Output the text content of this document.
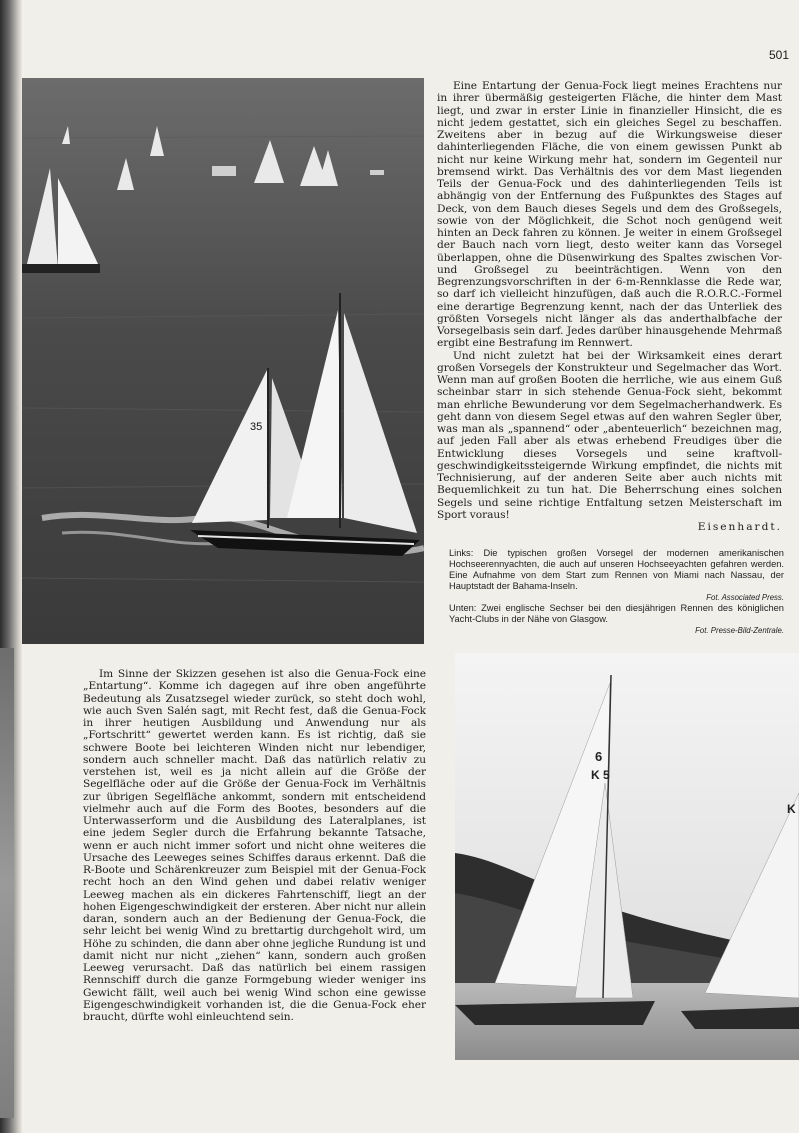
501
35

Eine Entartung der Genua-Fock liegt meines Erachtens nur in ihrer übermäßig gesteigerten Fläche, die hinter dem Mast liegt, und zwar in erster Linie in finanzieller Hinsicht, die es nicht jedem gestattet, sich ein gleiches Segel zu beschaffen. Zweitens aber in bezug auf die Wirkungsweise dieser dahinterliegenden Fläche, die von einem gewissen Punkt ab nicht nur keine Wirkung mehr hat, sondern im Gegenteil nur bremsend wirkt. Das Verhältnis des vor dem Mast liegenden Teils der Genua-Fock und des dahinterliegenden Teils ist abhängig von der Entfernung des Fußpunktes des Stages auf Deck, von dem Bauch dieses Segels und dem des Großsegels, sowie von der Möglichkeit, die Schot noch genügend weit hinten an Deck fahren zu können. Je weiter in einem Großsegel der Bauch nach vorn liegt, desto weiter kann das Vorsegel überlappen, ohne die Düsenwirkung des Spaltes zwischen Vor- und Großsegel zu beeinträchtigen. Wenn von den Begrenzungsvorschriften in der 6-m-Rennklasse die Rede war, so darf ich vielleicht hinzufügen, daß auch die R.O.R.C.-Formel eine derartige Begrenzung kennt, nach der das Unterliek des größten Vorsegels nicht länger als das anderthalbfache der Vorsegelbasis sein darf. Jedes darüber hinausgehende Mehrmaß ergibt eine Bestrafung im Rennwert.

Und nicht zuletzt hat bei der Wirksamkeit eines derart großen Vorsegels der Konstrukteur und Segelmacher das Wort. Wenn man auf großen Booten die herrliche, wie aus einem Guß scheinbar starr in sich stehende Genua-Fock sieht, bekommt man ehrliche Bewunderung vor dem Segelmacherhandwerk. Es geht dann von diesem Segel etwas auf den wahren Segler über, was man als „spannend“ oder „abenteuerlich“ bezeichnen mag, auf jeden Fall aber als etwas erhebend Freudiges über die Entwicklung dieses Vorsegels und seine kraftvoll-geschwindigkeitssteigernde Wirkung empfindet, die nichts mit Technisierung, auf der anderen Seite aber auch nichts mit Bequemlichkeit zu tun hat. Die Beherrschung eines solchen Segels und seine richtige Entfaltung setzen Meisterschaft im Sport voraus!

Eisenhardt.
Links: Die typischen großen Vorsegel der modernen amerikanischen Hochseerennyachten, die auch auf unseren Hochseeyachten gefahren werden. Eine Aufnahme von dem Start zum Rennen von Miami nach Nassau, der Hauptstadt der Bahama-Inseln.
Fot. Associated Press.
Unten: Zwei englische Sechser bei den diesjährigen Rennen des königlichen Yacht-Clubs in der Nähe von Glasgow.
Fot. Presse-Bild-Zentrale.

Im Sinne der Skizzen gesehen ist also die Genua-Fock eine „Entartung“. Komme ich dagegen auf ihre oben angeführte Bedeutung als Zusatzsegel wieder zurück, so steht doch wohl, wie auch Sven Salén sagt, mit Recht fest, daß die Genua-Fock in ihrer heutigen Ausbildung und Anwendung nur als „Fortschritt“ gewertet werden kann. Es ist richtig, daß sie schwere Boote bei leichteren Winden nicht nur lebendiger, sondern auch schneller macht. Daß das natürlich relativ zu verstehen ist, weil es ja nicht allein auf die Größe der Segelfläche oder auf die Größe der Genua-Fock im Verhältnis zur übrigen Segelfläche ankommt, sondern mit entscheidend vielmehr auch auf die Form des Bootes, besonders auf die Unterwasserform und die Ausbildung des Lateralplanes, ist eine jedem Segler durch die Erfahrung bekannte Tatsache, wenn er auch nicht immer sofort und nicht ohne weiteres die Ursache des Leeweges seines Schiffes daraus erkennt. Daß die R-Boote und Schärenkreuzer zum Beispiel mit der Genua-Fock recht hoch an den Wind gehen und dabei relativ weniger Leeweg machen als ein dickeres Fahrtenschiff, liegt an der hohen Eigengeschwindigkeit der ersteren. Aber nicht nur allein daran, sondern auch an der Bedienung der Genua-Fock, die sehr leicht bei wenig Wind zu brettartig durchgeholt wird, um Höhe zu schinden, die dann aber ohne jegliche Rundung ist und damit nicht nur nicht „ziehen“ kann, sondern auch großen Leeweg verursacht. Daß das natürlich bei einem rassigen Rennschiff durch die ganze Formgebung wieder weniger ins Gewicht fällt, weil auch bei wenig Wind schon eine gewisse Eigengeschwindigkeit vorhanden ist, die die Genua-Fock eher braucht, dürfte wohl einleuchtend sein.

6
K 5
K
